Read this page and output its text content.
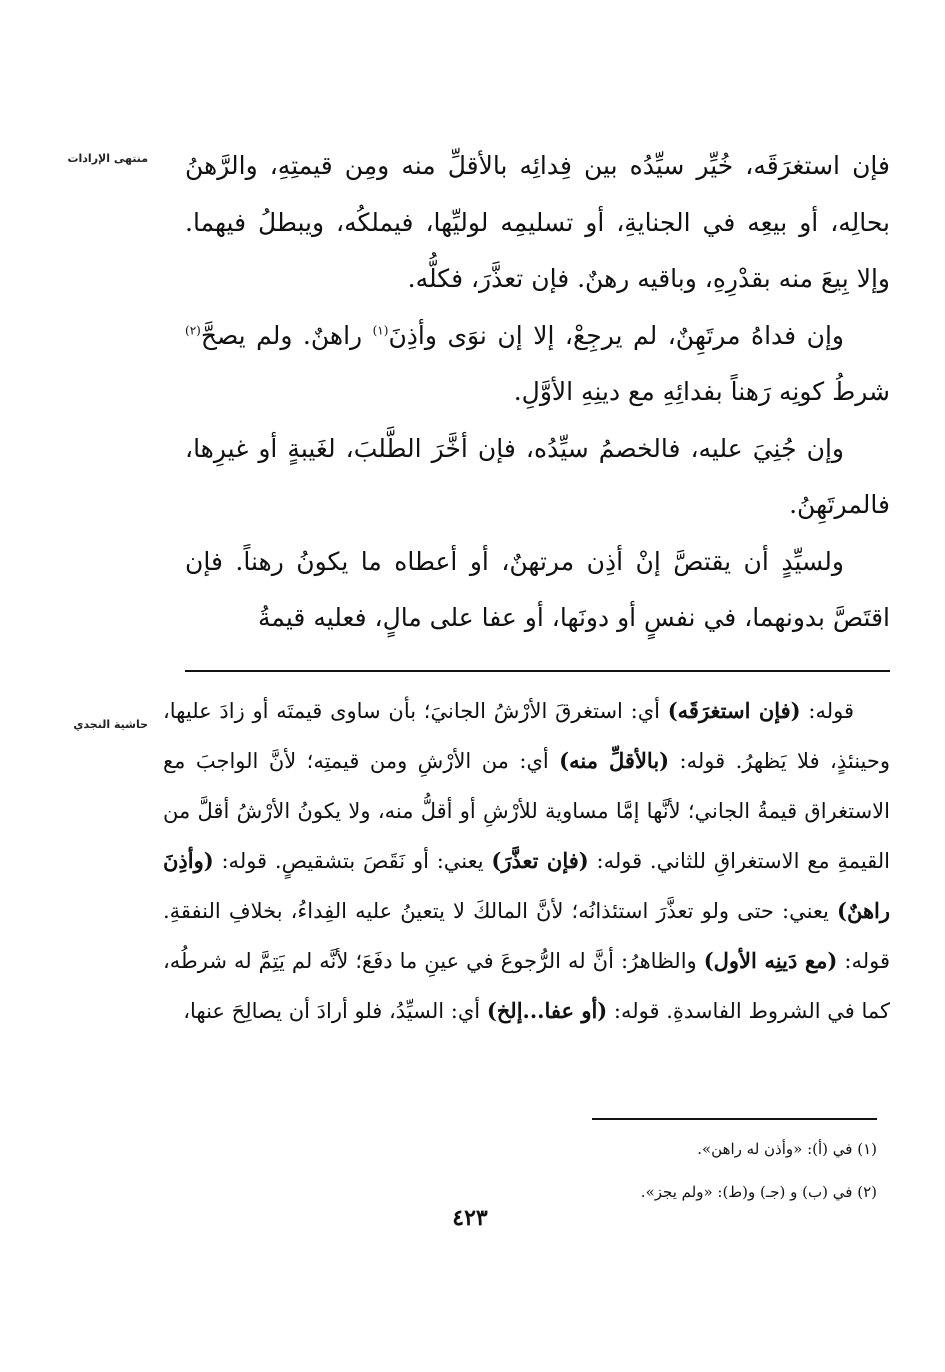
منتهى الإرادات
حاشية النجدي

فإن استغرَقَه، خُيِّر سيِّدُه بين فِدائِه بالأقلِّ منه ومِن قيمتِهِ، والرَّهنُ بحالِه، أو بيعِه في الجنايةِ، أو تسليمِه لوليِّها، فيملكُه، ويبطلُ فيهما. وإلا بِيعَ منه بقدْرِهِ، وباقيه رهنٌ. فإن تعذَّرَ، فكلُّه.

وإن فداهُ مرتَهِنٌ، لم يرجِعْ، إلا إن نوَى وأذِنَ$^{(١)}$ راهنٌ. ولم يصحَّ$^{(٢)}$ شرطُ كونِه رَهناً بفدائِهِ مع دينِهِ الأوَّلِ.

وإن جُنِيَ عليه، فالخصمُ سيِّدُه، فإن أخَّرَ الطَّلبَ، لغَيبةٍ أو غيرِها، فالمرتَهِنُ.

ولسيِّدٍ أن يقتصَّ إنْ أذِن مرتهنٌ، أو أعطاه ما يكونُ رهناً. فإن اقتَصَّ بدونهما، في نفسٍ أو دونَها، أو عفا على مالٍ، فعليه قيمةُ

قوله: (فإن استغرَقَه) أي: استغرقَ الأرْشُ الجانيَ؛ بأن ساوى قيمتَه أو زادَ عليها، وحينئذٍ، فلا يَظهرُ. قوله: (بالأقلِّ منه) أي: من الأرْشِ ومن قيمتِه؛ لأنَّ الواجبَ مع الاستغراق قيمةُ الجاني؛ لأنَّها إمَّا مساوية للأرْشِ أو أقلُّ منه، ولا يكونُ الأرْشُ أقلَّ من القيمةِ مع الاستغراقِ للثاني. قوله: (فإن تعذَّرَ) يعني: أو نَقَصَ بتشقيصٍ. قوله: (وأذِنَ راهنٌ) يعني: حتى ولو تعذَّرَ استئذانُه؛ لأنَّ المالكَ لا يتعينُ عليه الفِداءُ، بخلافِ النفقةِ. قوله: (مع دَينِه الأول) والظاهرُ: أنَّ له الرُّجوعَ في عينِ ما دفَعَ؛ لأنَّه لم يَتِمَّ له شرطُه، كما في الشروط الفاسدةِ. قوله: (أو عفا...إلخ) أي: السيِّدُ، فلو أرادَ أن يصالِحَ عنها،

(١) في (أ): «وأذن له راهن».
(٢) في (ب) و (جـ) و(ط): «ولم يجز».
٤٢٣
